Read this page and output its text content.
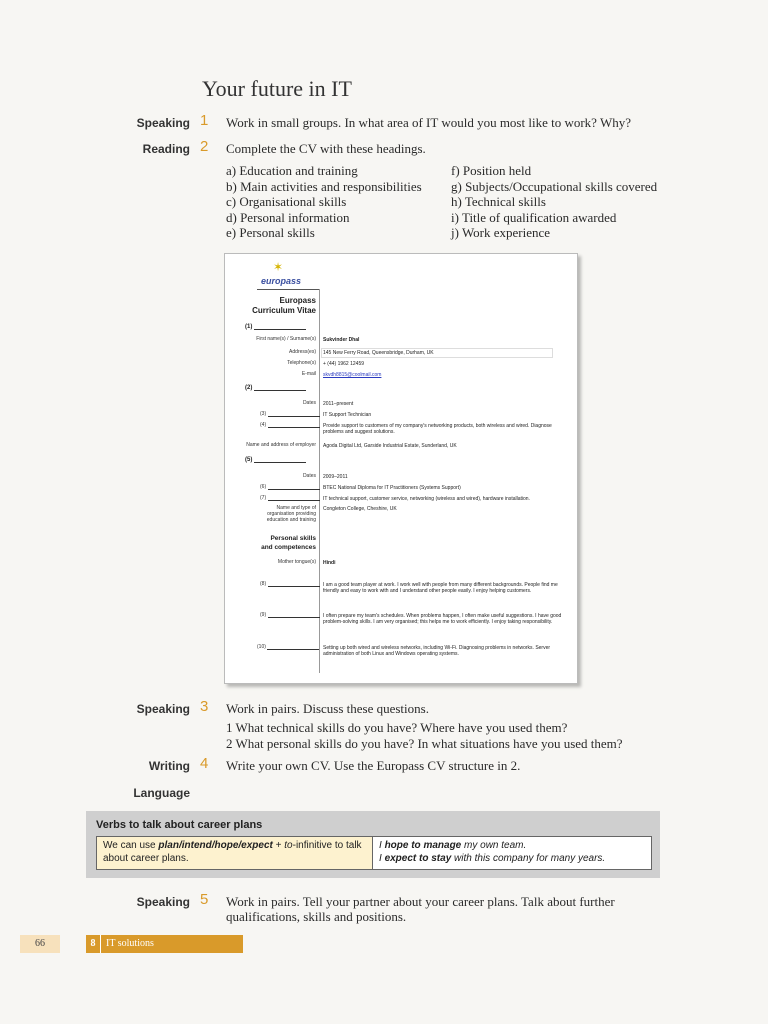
Your future in IT
Speaking 1 Work in small groups. In what area of IT would you most like to work? Why?
Reading 2 Complete the CV with these headings.
a) Education and training
b) Main activities and responsibilities
c) Organisational skills
d) Personal information
e) Personal skills
f) Position held
g) Subjects/Occupational skills covered
h) Technical skills
i) Title of qualification awarded
j) Work experience
✶
europass
Europass
Curriculum Vitae
(1)
First name(s) / Surname(s) Sukvinder Dhal
Address(es) 145 New Ferry Road, Queensbridge, Durham, UK
Telephone(s) + (44) 1962 12459
E-mail skvdh8815@coolmail.com
(2)
Dates 2011–present
(3)	IT Support Technician
(4)	Provide support to customers of my company's networking products, both wireless and wired. Diagnose problems and suggest solutions.
Name and address of employer Agoda Digital Ltd, Garside Industrial Estate, Sunderland, UK
(5)
Dates 2009–2011
(6)	BTEC National Diploma for IT Practitioners (Systems Support)
(7)	IT technical support, customer service, networking (wireless and wired), hardware installation.
Name and type of organisation providing education and training
Congleton College, Cheshire, UK
Personal skills
and competences
Mother tongue(s) Hindi
(8)	I am a good team player at work. I work well with people from many different backgrounds. People find me friendly and easy to work with and I understand other people easily. I enjoy helping customers.
(9)	I often prepare my team's schedules. When problems happen, I often make useful suggestions. I have good problem-solving skills. I am very organised; this helps me to work efficiently. I enjoy taking responsibility.
(10)	Setting up both wired and wireless networks, including Wi-Fi. Diagnosing problems in networks. Server administration of both Linux and Windows operating systems.
Speaking 3 Work in pairs. Discuss these questions.
1 What technical skills do you have? Where have you used them?
2 What personal skills do you have? In what situations have you used them?
Writing 4 Write your own CV. Use the Europass CV structure in 2.
Language
Verbs to talk about career plans
We can use plan/intend/hope/expect + to-infinitive to talk about career plans.
I hope to manage my own team.
I expect to stay with this company for many years.
Speaking 5 Work in pairs. Tell your partner about your career plans. Talk about further
qualifications, skills and positions.
66	8 IT solutions
